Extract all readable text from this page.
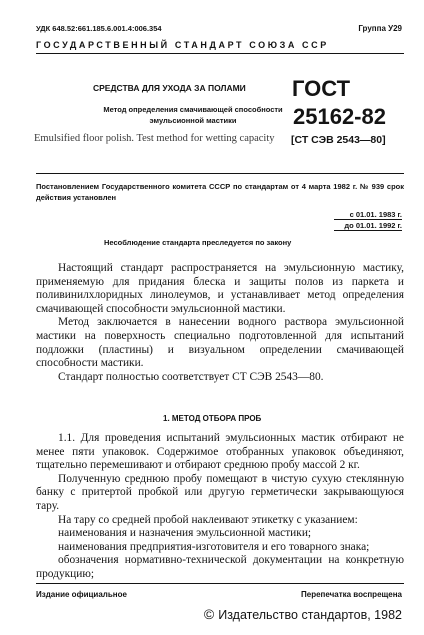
УДК 648.52:661.185.6.001.4:006.354	Группа У29
ГОСУДАРСТВЕННЫЙ СТАНДАРТ СОЮЗА ССР
СРЕДСТВА ДЛЯ УХОДА ЗА ПОЛАМИ
Метод определения смачивающей способности эмульсионной мастики
ГОСТ
25162-82
Emulsified floor polish. Test method for wetting capacity [СТ СЭВ 2543—80]
Постановлением Государственного комитета СССР по стандартам от 4 марта 1982 г. № 939 срок действия установлен
с 01.01. 1983 г.
до 01.01. 1992 г.
Несоблюдение стандарта преследуется по закону

Настоящий стандарт распространяется на эмульсионную мастику, применяемую для придания блеска и защиты полов из паркета и поливинилхлоридных линолеумов, и устанавливает метод определения смачивающей способности эмульсионной мастики.

Метод заключается в нанесении водного раствора эмульсионной мастики на поверхность специально подготовленной для испытаний подложки (пластины) и визуальном определении смачивающей способности мастики.

Стандарт полностью соответствует СТ СЭВ 2543—80.

1. МЕТОД ОТБОРА ПРОБ

1.1. Для проведения испытаний эмульсионных мастик отбирают не менее пяти упаковок. Содержимое отобранных упаковок объединяют, тщательно перемешивают и отбирают среднюю пробу массой 2 кг.

Полученную среднюю пробу помещают в чистую сухую стеклянную банку с притертой пробкой или другую герметически закрывающуюся тару.

На тару со средней пробой наклеивают этикетку с указанием:

наименования и назначения эмульсионной мастики;

наименования предприятия-изготовителя и его товарного знака;

обозначения нормативно-технической документации на конкретную продукцию;

Издание официальное	Перепечатка воспрещена
© Издательство стандартов, 1982
